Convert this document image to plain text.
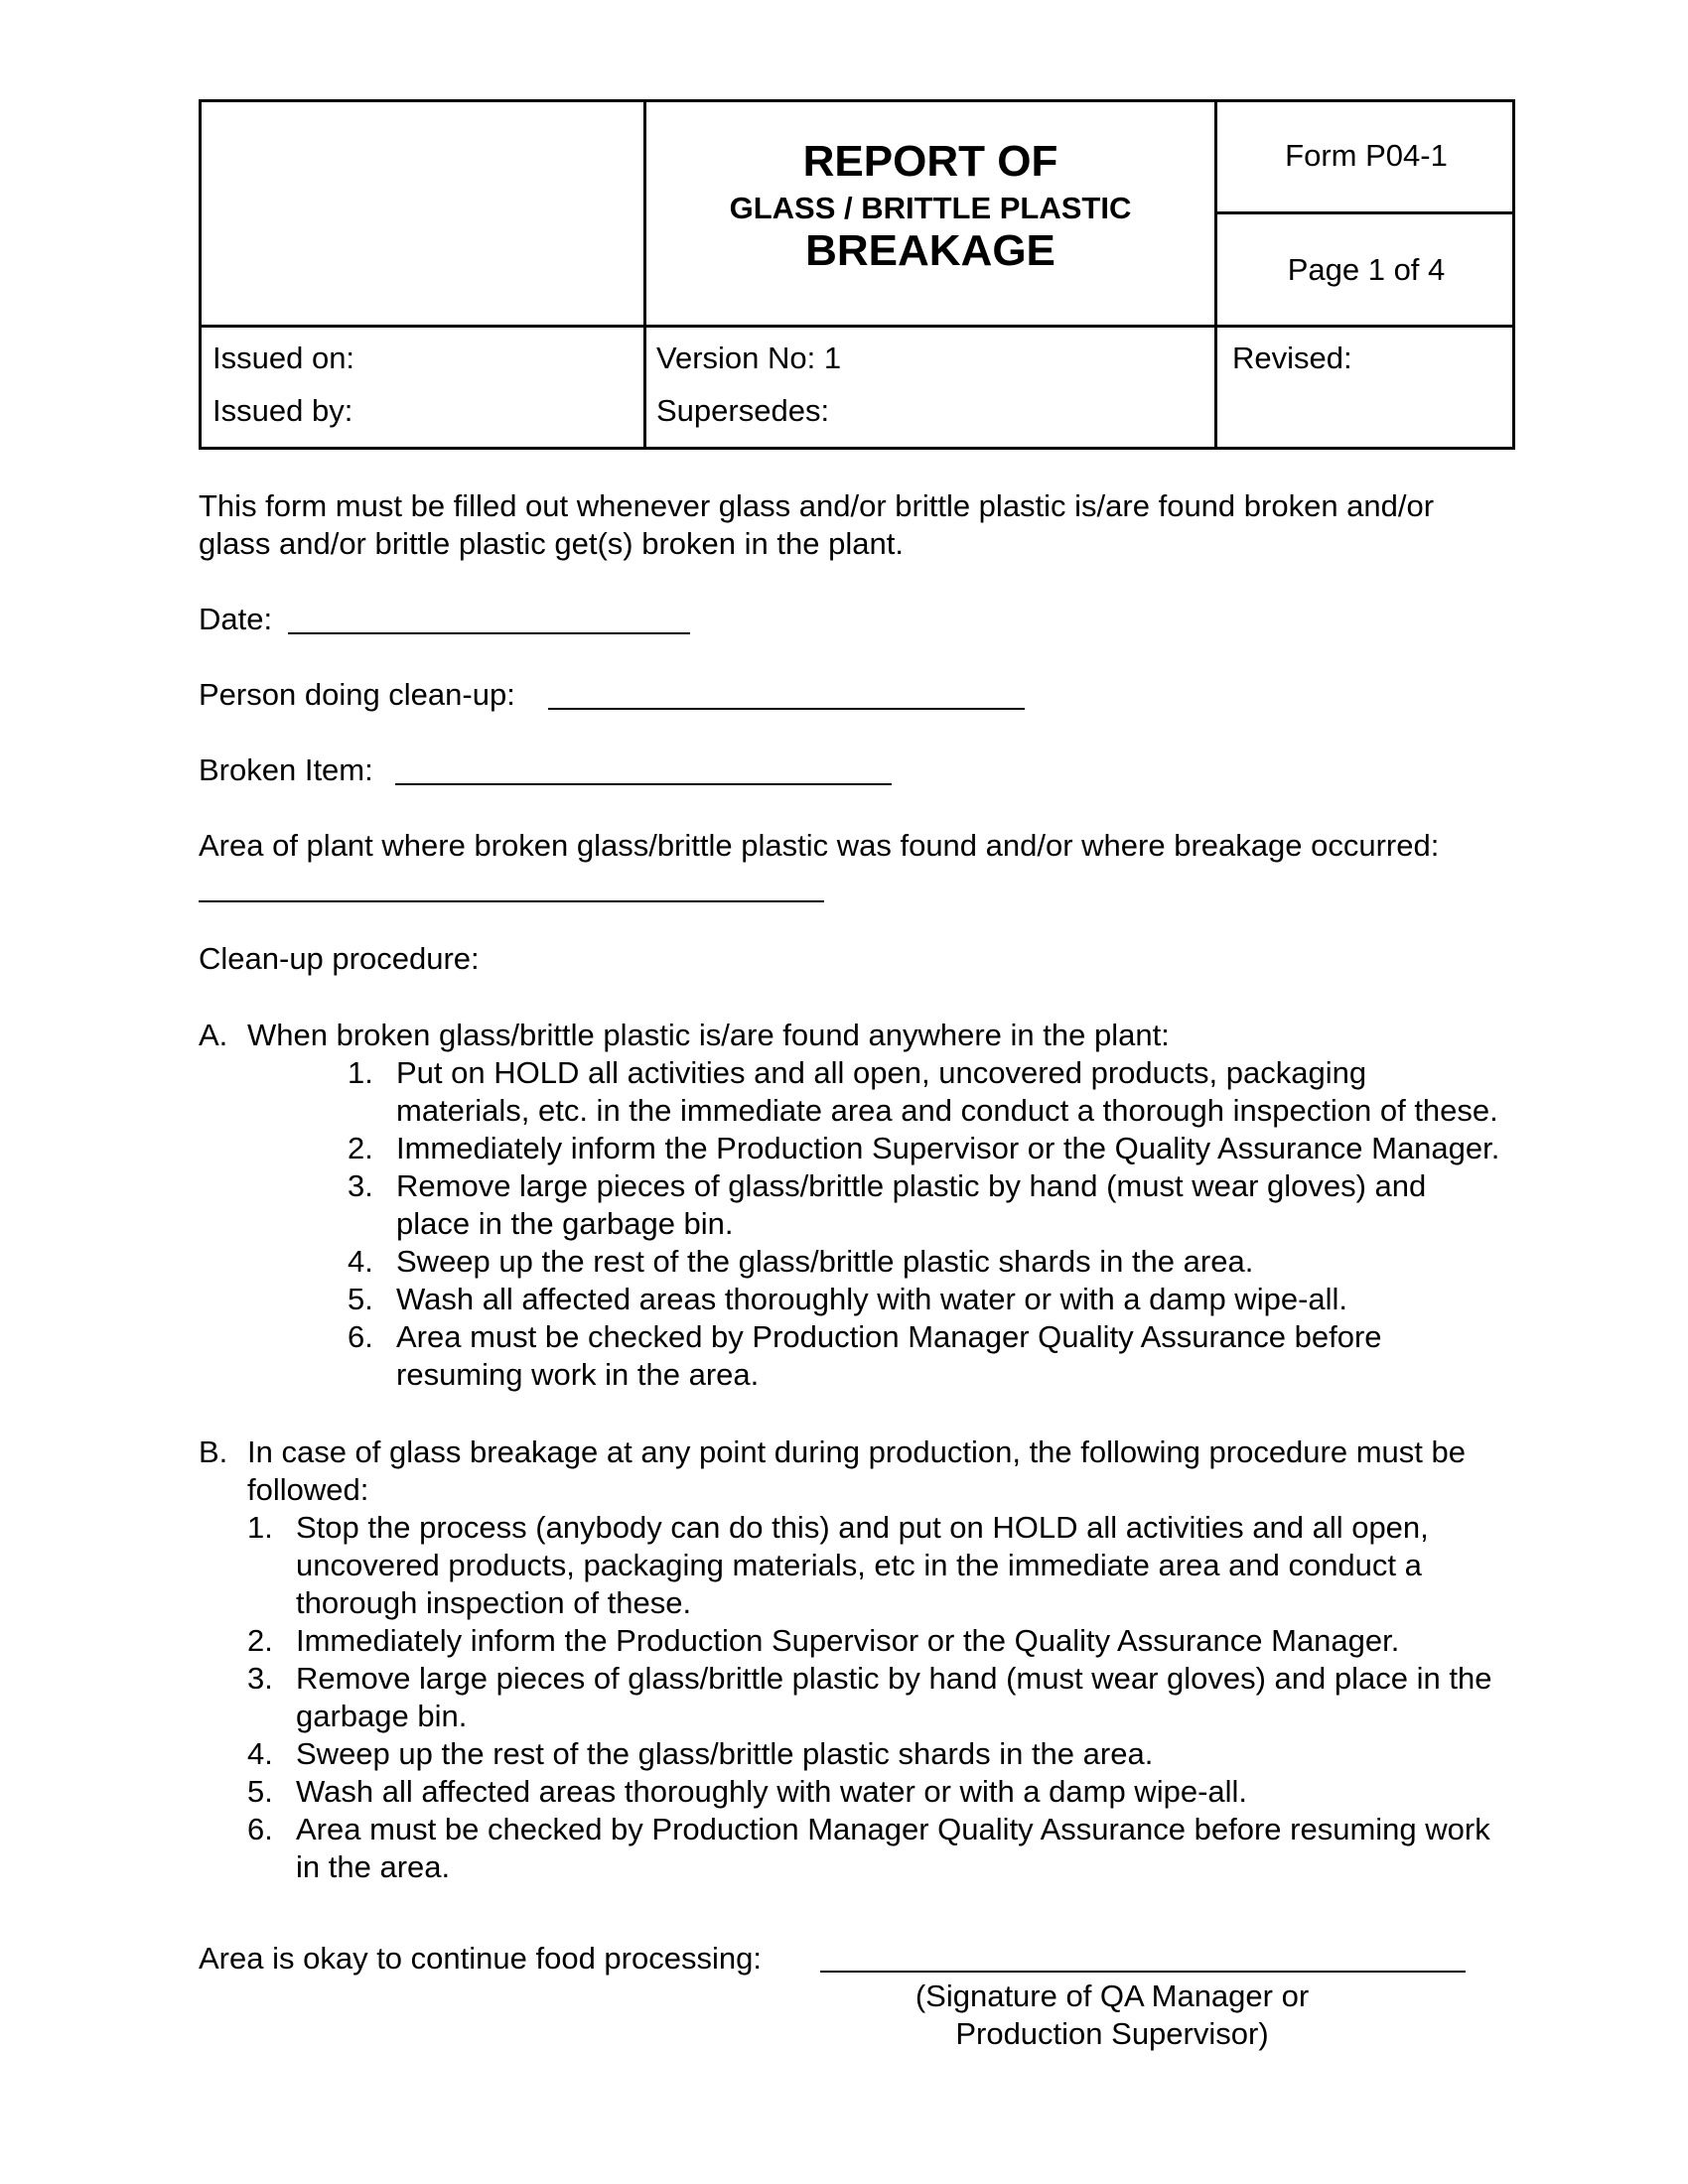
REPORT OF
GLASS / BRITTLE PLASTIC
BREAKAGE
Form P04-1
Page 1 of 4
Issued on:
Issued by:
Version No: 1
Supersedes:
Revised:
This form must be filled out whenever glass and/or brittle plastic is/are found broken and/or
glass and/or brittle plastic get(s) broken in the plant.
Date:
Person doing clean-up:
Broken Item:
Area of plant where broken glass/brittle plastic was found and/or where breakage occurred:
Clean-up procedure:
A. When broken glass/brittle plastic is/are found anywhere in the plant:
1. Put on HOLD all activities and all open, uncovered products, packaging
materials, etc. in the immediate area and conduct a thorough inspection of these.
2. Immediately inform the Production Supervisor or the Quality Assurance Manager.
3. Remove large pieces of glass/brittle plastic by hand (must wear gloves) and
place in the garbage bin.
4. Sweep up the rest of the glass/brittle plastic shards in the area.
5. Wash all affected areas thoroughly with water or with a damp wipe-all.
6. Area must be checked by Production Manager Quality Assurance before
resuming work in the area.
B. In case of glass breakage at any point during production, the following procedure must be
followed:
1. Stop the process (anybody can do this) and put on HOLD all activities and all open,
uncovered products, packaging materials, etc in the immediate area and conduct a
thorough inspection of these.
2. Immediately inform the Production Supervisor or the Quality Assurance Manager.
3. Remove large pieces of glass/brittle plastic by hand (must wear gloves) and place in the
garbage bin.
4. Sweep up the rest of the glass/brittle plastic shards in the area.
5. Wash all affected areas thoroughly with water or with a damp wipe-all.
6. Area must be checked by Production Manager Quality Assurance before resuming work
in the area.
Area is okay to continue food processing:
(Signature of QA Manager or
Production Supervisor)
